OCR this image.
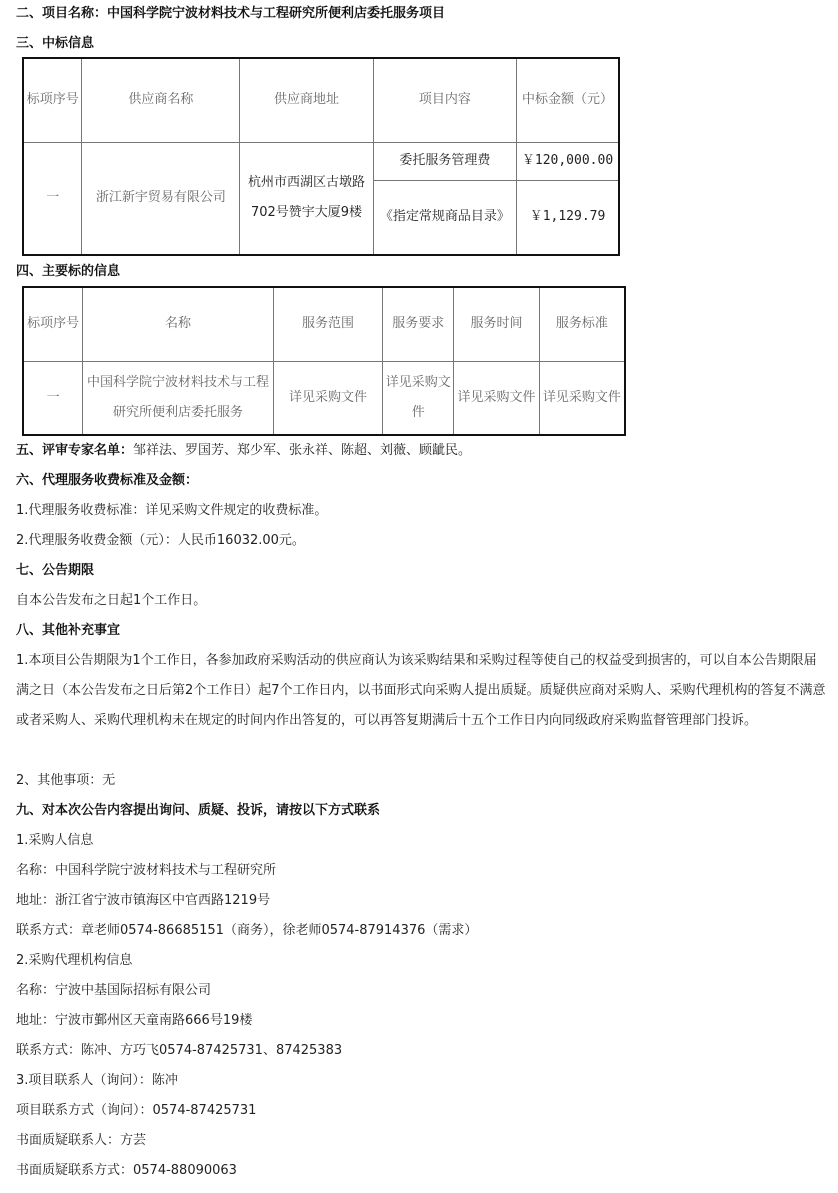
二、项目名称：中国科学院宁波材料技术与工程研究所便利店委托服务项目
三、中标信息
标项序号	供应商名称	供应商地址	项目内容	中标金额（元）
一	浙江新宇贸易有限公司	杭州市西湖区古墩路702号赞宇大厦9楼	委托服务管理费	￥120,000.00
			《指定常规商品目录》	￥1,129.79
四、主要标的信息
标项序号	名称	服务范围	服务要求	服务时间	服务标准
一	中国科学院宁波材料技术与工程研究所便利店委托服务	详见采购文件	详见采购文件	详见采购文件	详见采购文件
五、评审专家名单：邹祥法、罗国芳、郑少军、张永祥、陈超、刘薇、顾龇民。
六、代理服务收费标准及金额：
1.代理服务收费标准：详见采购文件规定的收费标准。
2.代理服务收费金额（元）：人民币16032.00元。
七、公告期限
自本公告发布之日起1个工作日。
八、其他补充事宜
1.本项目公告期限为1个工作日，各参加政府采购活动的供应商认为该采购结果和采购过程等使自己的权益受到损害的，可以自本公告期限届满之日（本公告发布之日后第2个工作日）起7个工作日内，以书面形式向采购人提出质疑。质疑供应商对采购人、采购代理机构的答复不满意或者采购人、采购代理机构未在规定的时间内作出答复的，可以再答复期满后十五个工作日内向同级政府采购监督管理部门投诉。
2、其他事项：无
九、对本次公告内容提出询问、质疑、投诉，请按以下方式联系
1.采购人信息
名称：中国科学院宁波材料技术与工程研究所
地址：浙江省宁波市镇海区中官西路1219号
联系方式：章老师0574-86685151（商务），徐老师0574-87914376（需求）
2.采购代理机构信息
名称：宁波中基国际招标有限公司
地址：宁波市鄞州区天童南路666号19楼
联系方式：陈冲、方巧飞0574-87425731、87425383
3.项目联系人（询问）：陈冲
项目联系方式（询问）：0574-87425731
书面质疑联系人：方芸
书面质疑联系方式：0574-88090063
